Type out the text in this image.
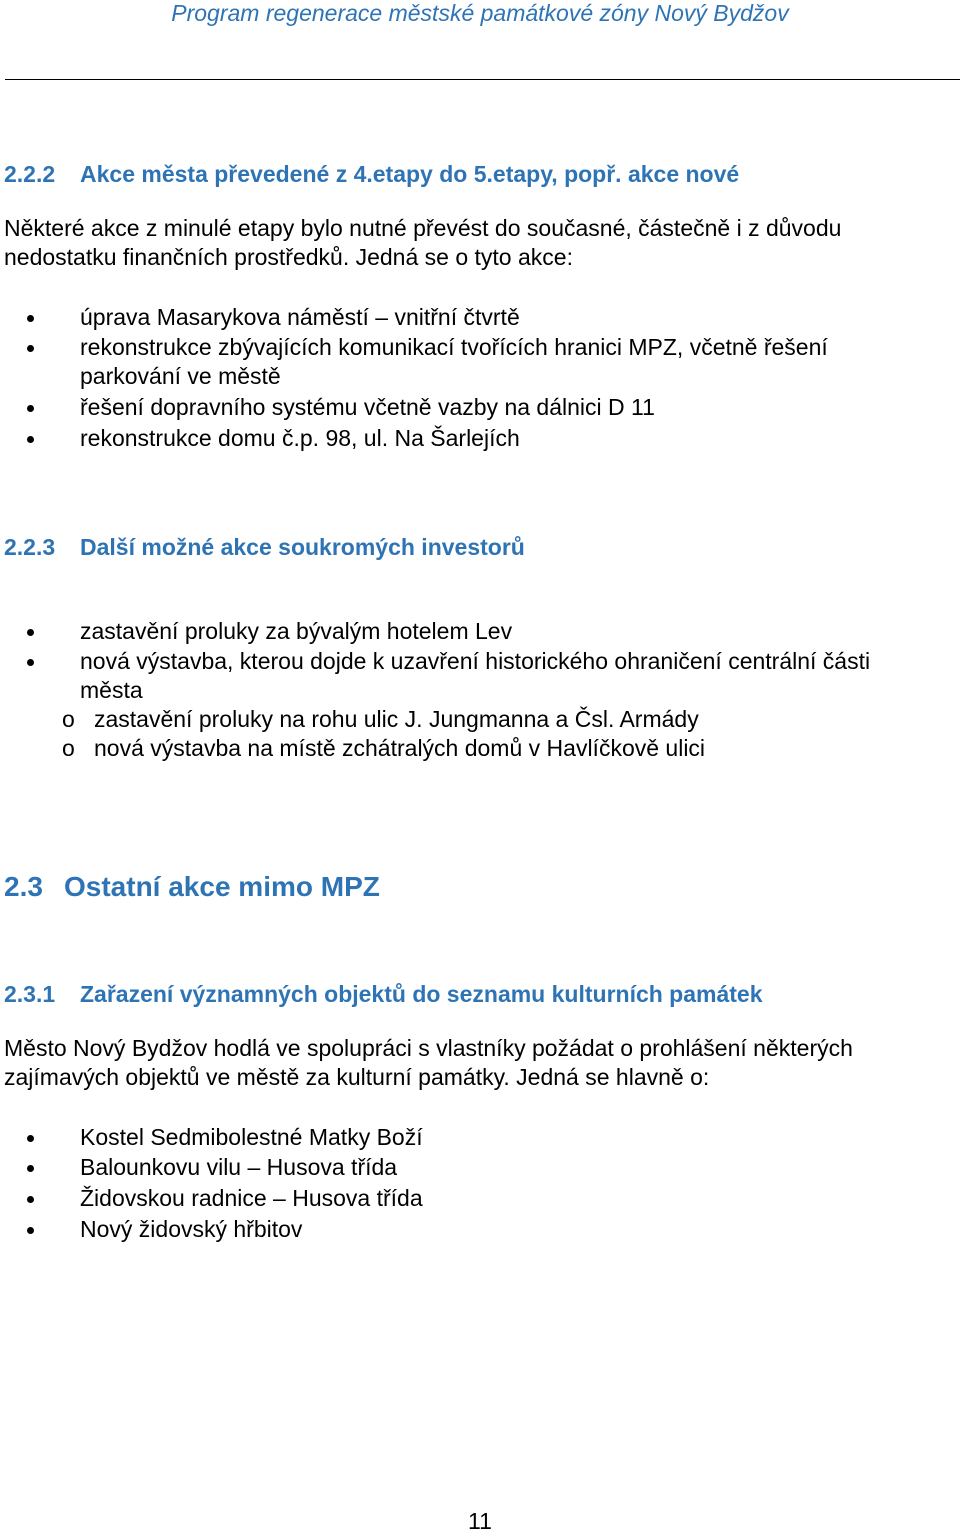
Program regenerace městské památkové zóny Nový Bydžov
2.2.2 Akce města převedené z 4.etapy do 5.etapy, popř. akce nové
Některé akce z minulé etapy bylo nutné převést do současné, částečně i z důvodu
nedostatku finančních prostředků. Jedná se o tyto akce:
úprava Masarykova náměstí – vnitřní čtvrtě
rekonstrukce zbývajících komunikací tvořících hranici MPZ, včetně řešení
parkování ve městě
řešení dopravního systému včetně vazby na dálnici D 11
rekonstrukce domu č.p. 98, ul. Na Šarlejích
2.2.3 Další možné akce soukromých investorů
zastavění proluky za bývalým hotelem Lev
nová výstavba, kterou dojde k uzavření historického ohraničení centrální části
města
o zastavění proluky na rohu ulic J. Jungmanna a Čsl. Armády
o nová výstavba na místě zchátralých domů v Havlíčkově ulici
2.3 Ostatní akce mimo MPZ
2.3.1 Zařazení významných objektů do seznamu kulturních památek
Město Nový Bydžov hodlá ve spolupráci s vlastníky požádat o prohlášení některých
zajímavých objektů ve městě za kulturní památky. Jedná se hlavně o:
Kostel Sedmibolestné Matky Boží
Balounkovu vilu – Husova třída
Židovskou radnice – Husova třída
Nový židovský hřbitov
11
